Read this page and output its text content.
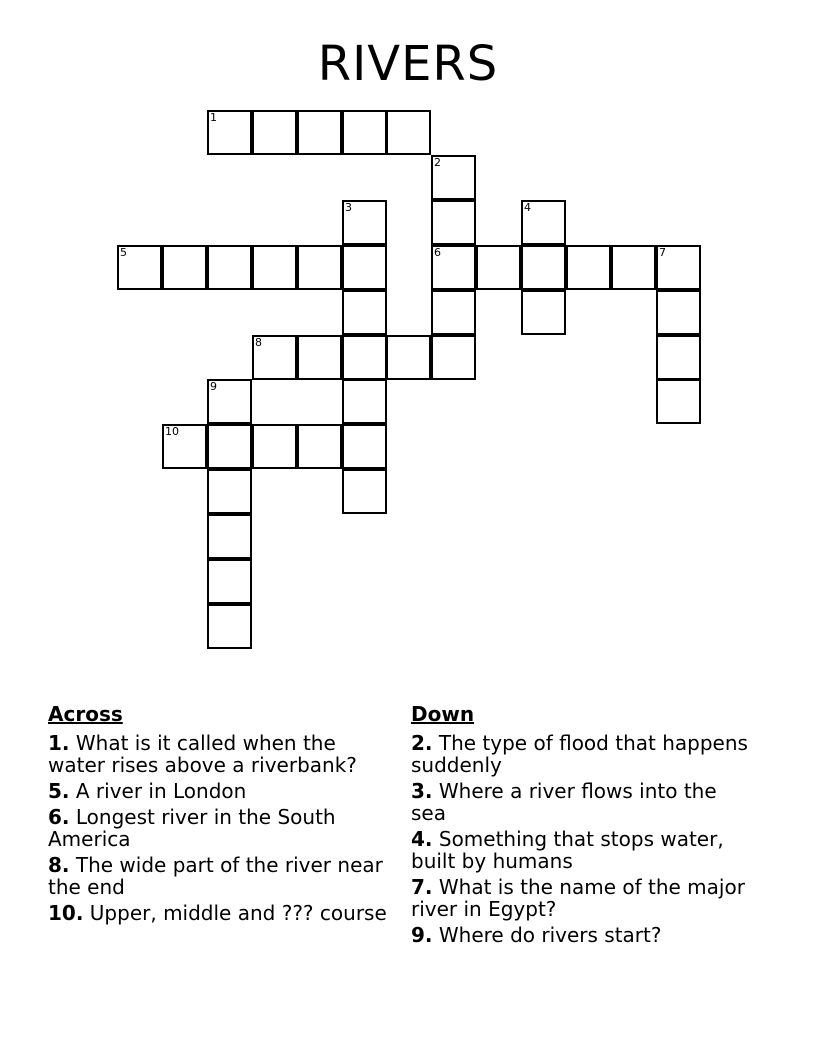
RIVERS
1
2
3	4
5	6	7
8
9
10
Across
1. What is it called when the water rises above a riverbank?
5. A river in London
6. Longest river in the South America
8. The wide part of the river near the end
10. Upper, middle and ??? course
Down
2. The type of flood that happens suddenly
3. Where a river flows into the sea
4. Something that stops water, built by humans
7. What is the name of the major river in Egypt?
9. Where do rivers start?
